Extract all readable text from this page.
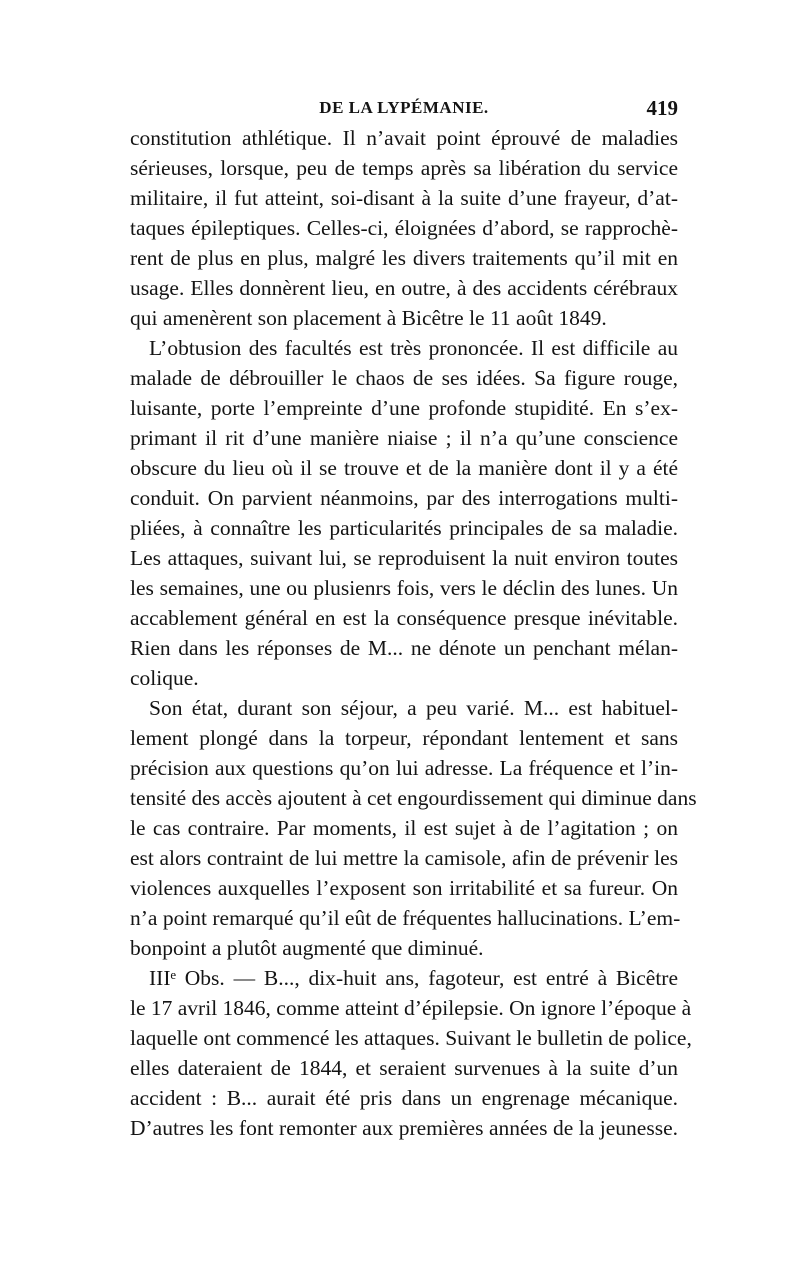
DE LA LYPÉMANIE.	419
constitution athlétique. Il n’avait point éprouvé de maladies
sérieuses, lorsque, peu de temps après sa libération du service
militaire, il fut atteint, soi-disant à la suite d’une frayeur, d’at-
taques épileptiques. Celles-ci, éloignées d’abord, se rapprochè-
rent de plus en plus, malgré les divers traitements qu’il mit en
usage. Elles donnèrent lieu, en outre, à des accidents cérébraux
qui amenèrent son placement à Bicêtre le 11 août 1849.
L’obtusion des facultés est très prononcée. Il est difficile au
malade de débrouiller le chaos de ses idées. Sa figure rouge,
luisante, porte l’empreinte d’une profonde stupidité. En s’ex-
primant il rit d’une manière niaise ; il n’a qu’une conscience
obscure du lieu où il se trouve et de la manière dont il y a été
conduit. On parvient néanmoins, par des interrogations multi-
pliées, à connaître les particularités principales de sa maladie.
Les attaques, suivant lui, se reproduisent la nuit environ toutes
les semaines, une ou plusienrs fois, vers le déclin des lunes. Un
accablement général en est la conséquence presque inévitable.
Rien dans les réponses de M... ne dénote un penchant mélan-
colique.
Son état, durant son séjour, a peu varié. M... est habituel-
lement plongé dans la torpeur, répondant lentement et sans
précision aux questions qu’on lui adresse. La fréquence et l’in-
tensité des accès ajoutent à cet engourdissement qui diminue dans
le cas contraire. Par moments, il est sujet à de l’agitation ; on
est alors contraint de lui mettre la camisole, afin de prévenir les
violences auxquelles l’exposent son irritabilité et sa fureur. On
n’a point remarqué qu’il eût de fréquentes hallucinations. L’em-
bonpoint a plutôt augmenté que diminué.
IIIᵉ Obs. — B..., dix-huit ans, fagoteur, est entré à Bicêtre
le 17 avril 1846, comme atteint d’épilepsie. On ignore l’époque à
laquelle ont commencé les attaques. Suivant le bulletin de police,
elles dateraient de 1844, et seraient survenues à la suite d’un
accident : B... aurait été pris dans un engrenage mécanique.
D’autres les font remonter aux premières années de la jeunesse.
